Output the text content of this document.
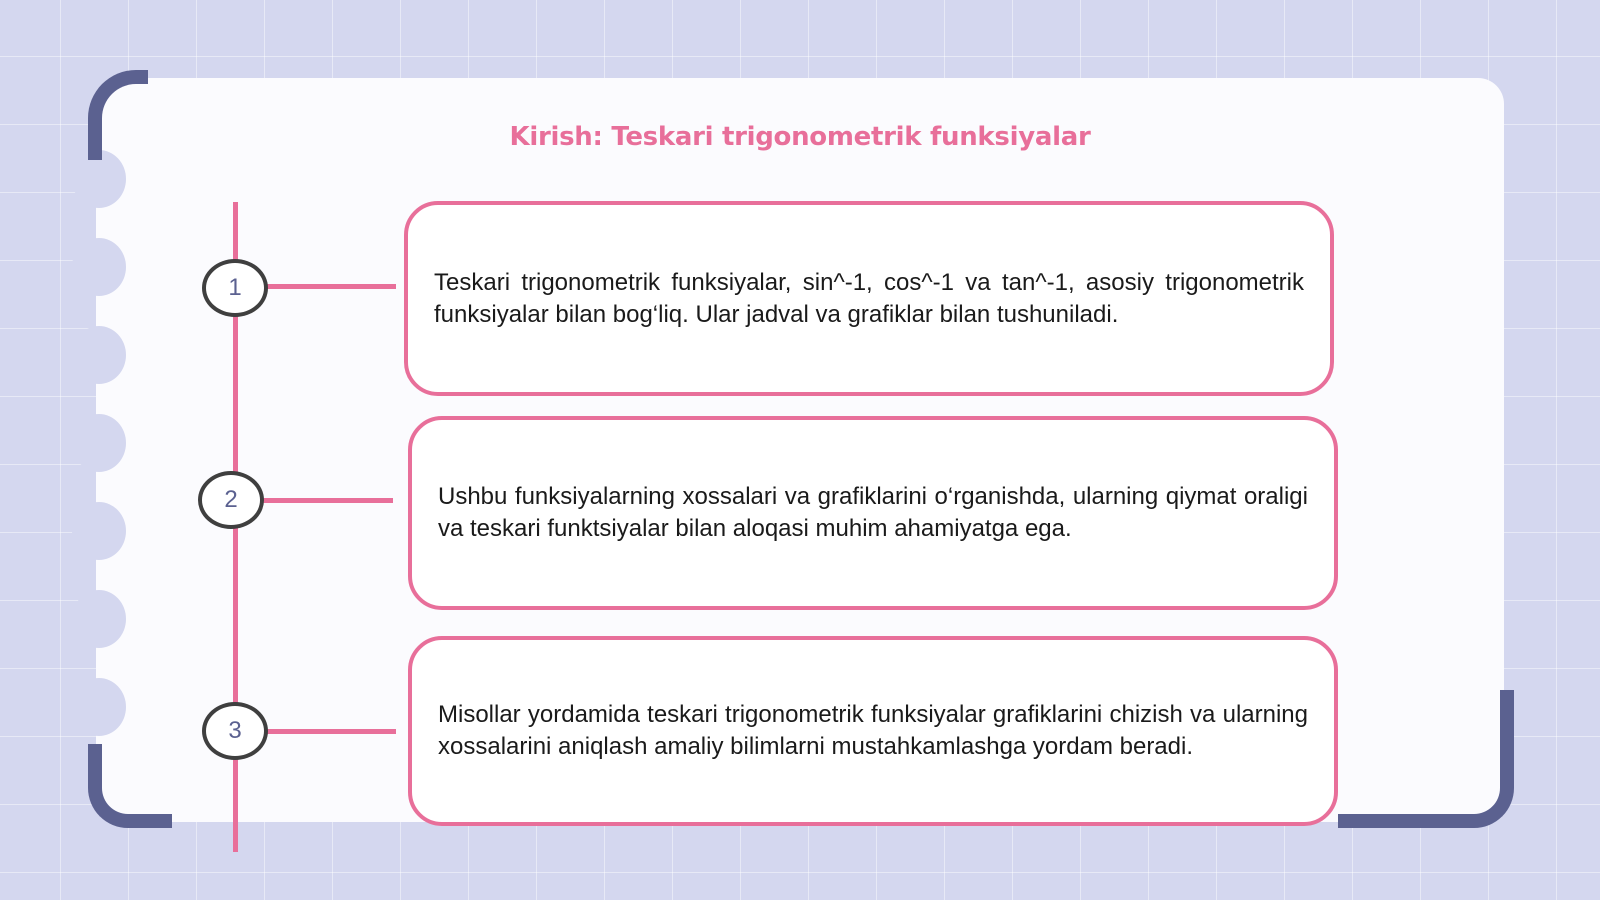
Kirish: Teskari trigonometrik funksiyalar
1
2
3

Teskari trigonometrik funksiyalar, sin^-1, cos^-1 va tan^-1, asosiy trigonometrik funksiyalar bilan bog‘liq. Ular jadval va grafiklar bilan tushuniladi.

Ushbu funksiyalarning xossalari va grafiklarini o‘rganishda, ularning qiymat oraligi va teskari funktsiyalar bilan aloqasi muhim ahamiyatga ega.

Misollar yordamida teskari trigonometrik funksiyalar grafiklarini chizish va ularning xossalarini aniqlash amaliy bilimlarni mustahkamlashga yordam beradi.
